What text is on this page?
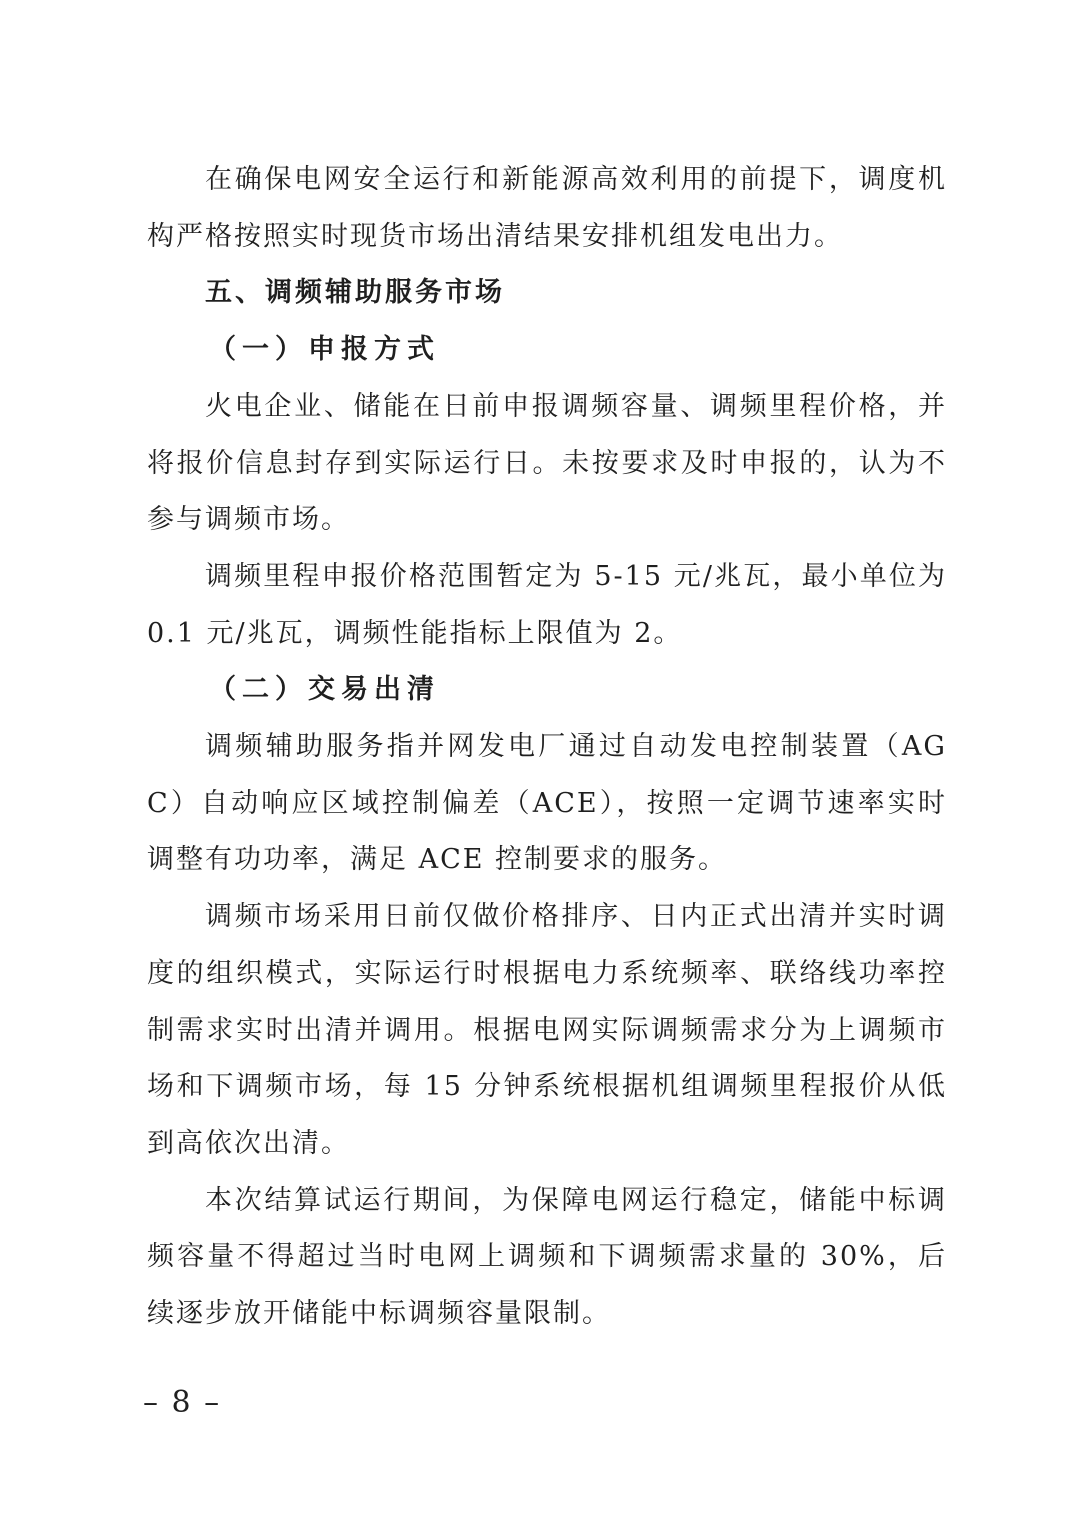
在确保电网安全运行和新能源高效利用的前提下，调度机构严格按照实时现货市场出清结果安排机组发电出力。

五、调频辅助服务市场

（一）申报方式

火电企业、储能在日前申报调频容量、调频里程价格，并将报价信息封存到实际运行日。未按要求及时申报的，认为不参与调频市场。

调频里程申报价格范围暂定为 5-15 元/兆瓦，最小单位为 0.1 元/兆瓦，调频性能指标上限值为 2。

（二）交易出清

调频辅助服务指并网发电厂通过自动发电控制装置（AGC）自动响应区域控制偏差（ACE），按照一定调节速率实时调整有功功率，满足 ACE 控制要求的服务。

调频市场采用日前仅做价格排序、日内正式出清并实时调度的组织模式，实际运行时根据电力系统频率、联络线功率控制需求实时出清并调用。根据电网实际调频需求分为上调频市场和下调频市场，每 15 分钟系统根据机组调频里程报价从低到高依次出清。

本次结算试运行期间，为保障电网运行稳定，储能中标调频容量不得超过当时电网上调频和下调频需求量的 30%，后续逐步放开储能中标调频容量限制。

– 8 –
